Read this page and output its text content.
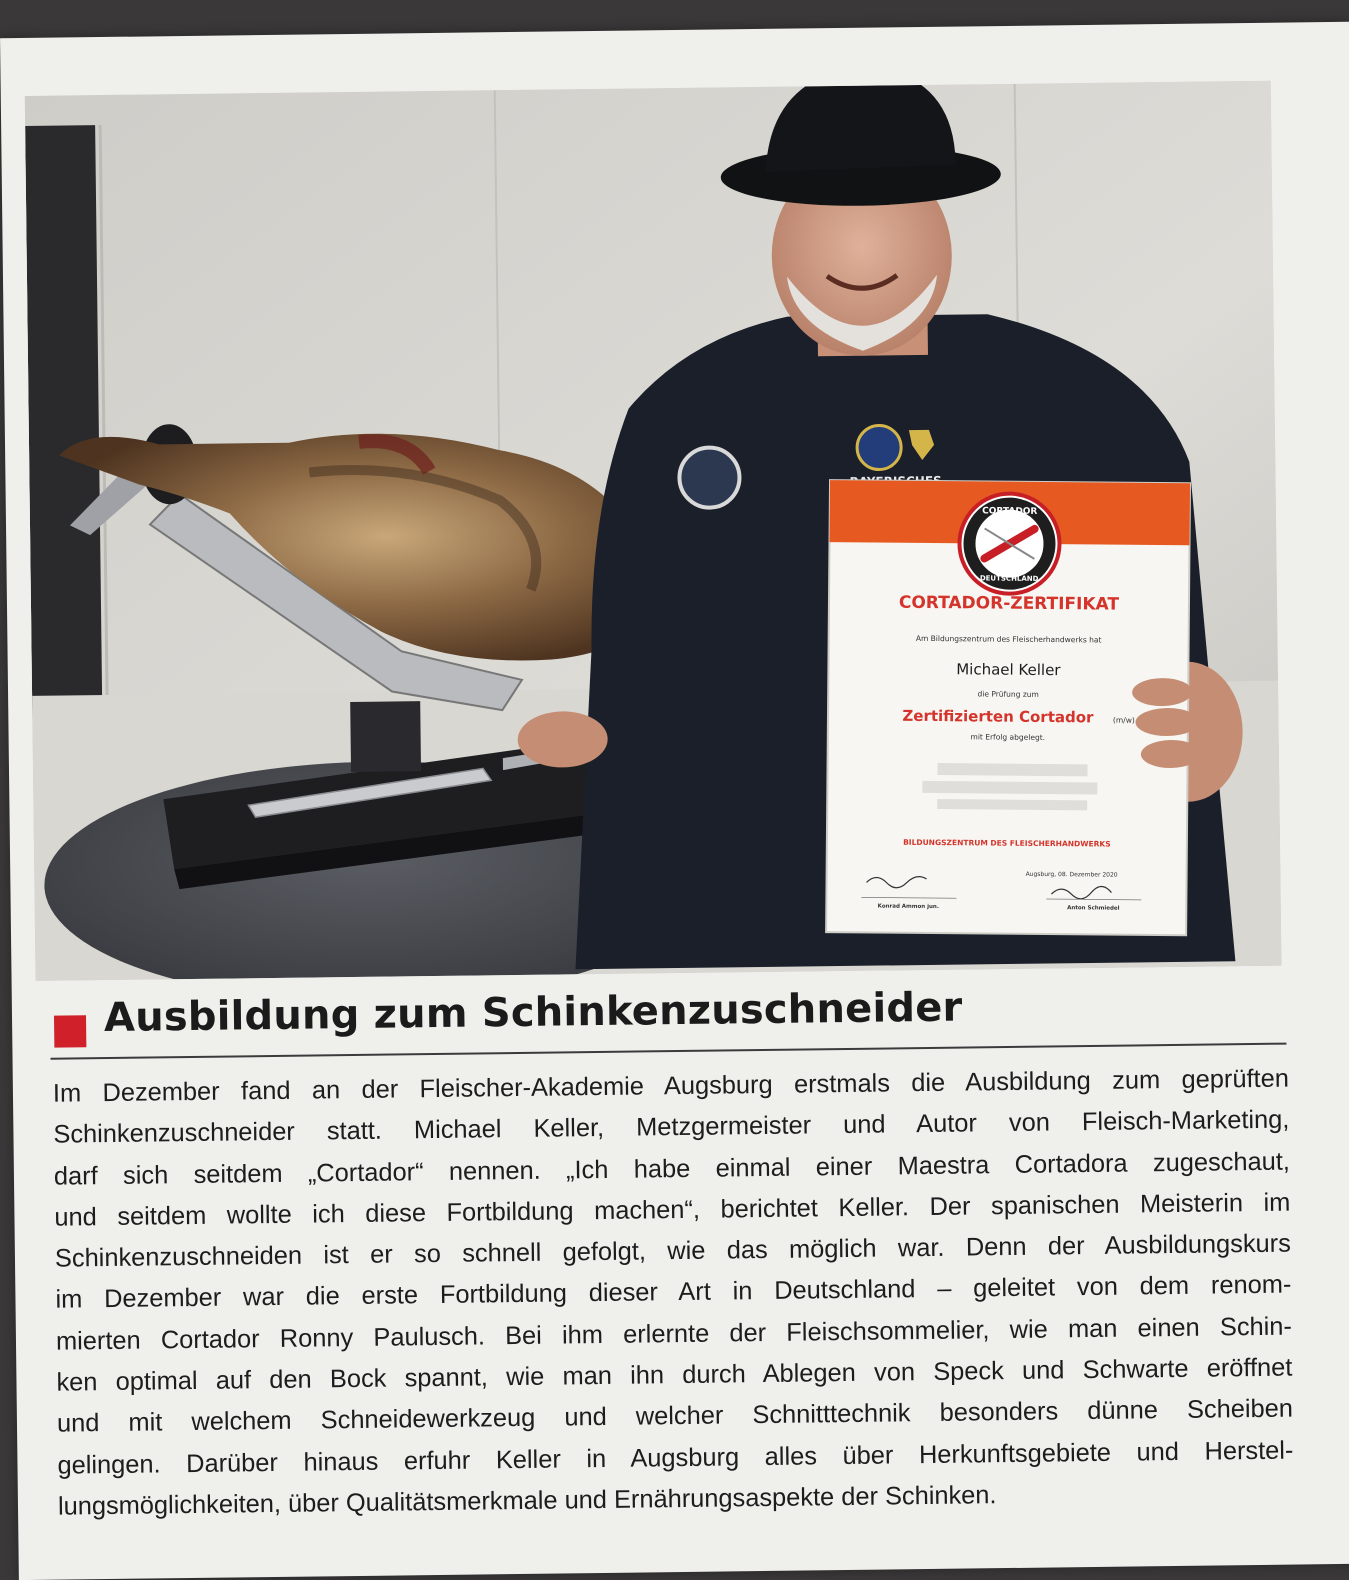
DEUTSCHLAND
CORTADOR
CORTADOR-ZERTIFIKAT
Am Bildungszentrum des Fleischerhandwerks hat
Michael Keller
die Prüfung zum
Zertifizierten Cortador	(m/w)
mit Erfolg abgelegt.
BILDUNGSZENTRUM DES FLEISCHERHANDWERKS
Augsburg, 08. Dezember 2020
Konrad Ammon jun.	Anton Schmiedel
Ausbildung zum Schinkenzuschneider
Im Dezember fand an der Fleischer-Akademie Augsburg erstmals die Ausbildung zum geprüften
Schinkenzuschneider statt. Michael Keller, Metzgermeister und Autor von Fleisch-Marketing,
darf sich seitdem „Cortador“ nennen. „Ich habe einmal einer Maestra Cortadora zugeschaut,
und seitdem wollte ich diese Fortbildung machen“, berichtet Keller. Der spanischen Meisterin im
Schinkenzuschneiden ist er so schnell gefolgt, wie das möglich war. Denn der Ausbildungskurs
im Dezember war die erste Fortbildung dieser Art in Deutschland – geleitet von dem renom-
mierten Cortador Ronny Paulusch. Bei ihm erlernte der Fleischsommelier, wie man einen Schin-
ken optimal auf den Bock spannt, wie man ihn durch Ablegen von Speck und Schwarte eröffnet
und mit welchem Schneidewerkzeug und welcher Schnitttechnik besonders dünne Scheiben
gelingen. Darüber hinaus erfuhr Keller in Augsburg alles über Herkunftsgebiete und Herstel-
lungsmöglichkeiten, über Qualitätsmerkmale und Ernährungsaspekte der Schinken.
